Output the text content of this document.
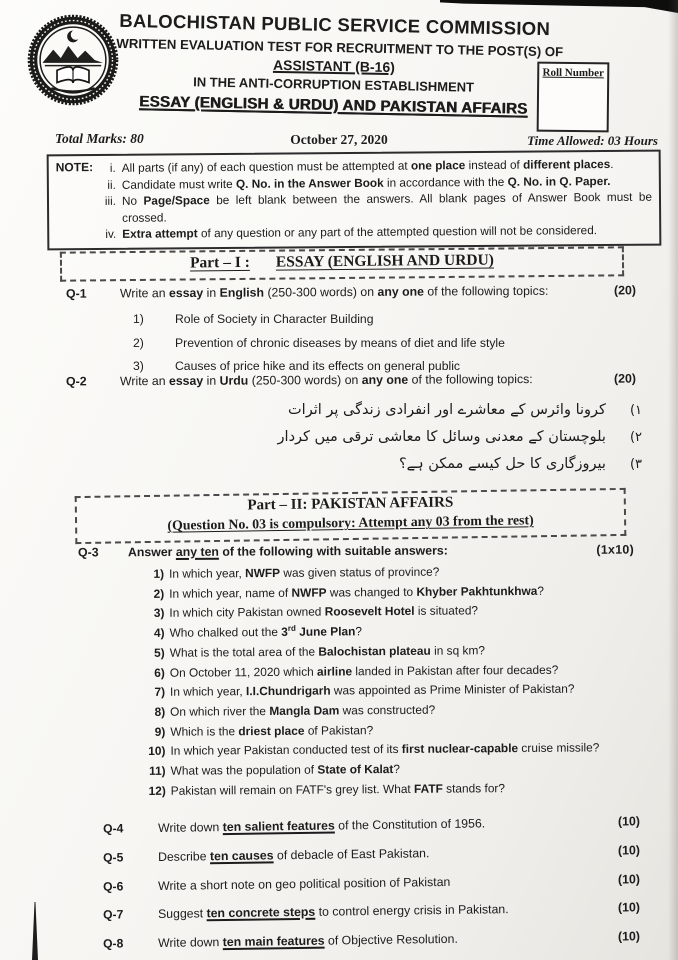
BALOCHISTAN PUBLIC SERVICE COMMISSION
WRITTEN EVALUATION TEST FOR RECRUITMENT TO THE POST(S) OF
ASSISTANT (B-16)
IN THE ANTI-CORRUPTION ESTABLISHMENT
ESSAY (ENGLISH & URDU) AND PAKISTAN AFFAIRS
Roll Number
Total Marks: 80	October 27, 2020	Time Allowed: 03 Hours
NOTE:	i. All parts (if any) of each question must be attempted at one place instead of different places.
ii. Candidate must write Q. No. in the Answer Book in accordance with the Q. No. in Q. Paper.
iii. No Page/Space be left blank between the answers. All blank pages of Answer Book must be crossed.
iv. Extra attempt of any question or any part of the attempted question will not be considered.
Part – I : ESSAY (ENGLISH AND URDU)
Q-1	Write an essay in English (250-300 words) on any one of the following topics:	(20)
1)	Role of Society in Character Building
2)	Prevention of chronic diseases by means of diet and life style
3)	Causes of price hike and its effects on general public
Q-2	Write an essay in Urdu (250-300 words) on any one of the following topics:	(20)
۱)
کرونا وائرس کے معاشرے اور انفرادی زندگی پر اثرات
۲)
بلوچستان کے معدنی وسائل کا معاشی ترقی میں کردار
۳)
بیروزگاری کا حل کیسے ممکن ہے؟
Part – II: PAKISTAN AFFAIRS
(Question No. 03 is compulsory: Attempt any 03 from the rest)
Q-3	Answer any ten of the following with suitable answers:	(1x10)
1) In which year, NWFP was given status of province?
2) In which year, name of NWFP was changed to Khyber Pakhtunkhwa?
3) In which city Pakistan owned Roosevelt Hotel is situated?
4) Who chalked out the 3rd June Plan?
5) What is the total area of the Balochistan plateau in sq km?
6) On October 11, 2020 which airline landed in Pakistan after four decades?
7) In which year, I.I.Chundrigarh was appointed as Prime Minister of Pakistan?
8) On which river the Mangla Dam was constructed?
9) Which is the driest place of Pakistan?
10) In which year Pakistan conducted test of its first nuclear-capable cruise missile?
11) What was the population of State of Kalat?
12) Pakistan will remain on FATF's grey list. What FATF stands for?
Q-4	Write down ten salient features of the Constitution of 1956.	(10)
Q-5	Describe ten causes of debacle of East Pakistan.	(10)
Q-6	Write a short note on geo political position of Pakistan	(10)
Q-7	Suggest ten concrete steps to control energy crisis in Pakistan.	(10)
Q-8	Write down ten main features of Objective Resolution.	(10)
